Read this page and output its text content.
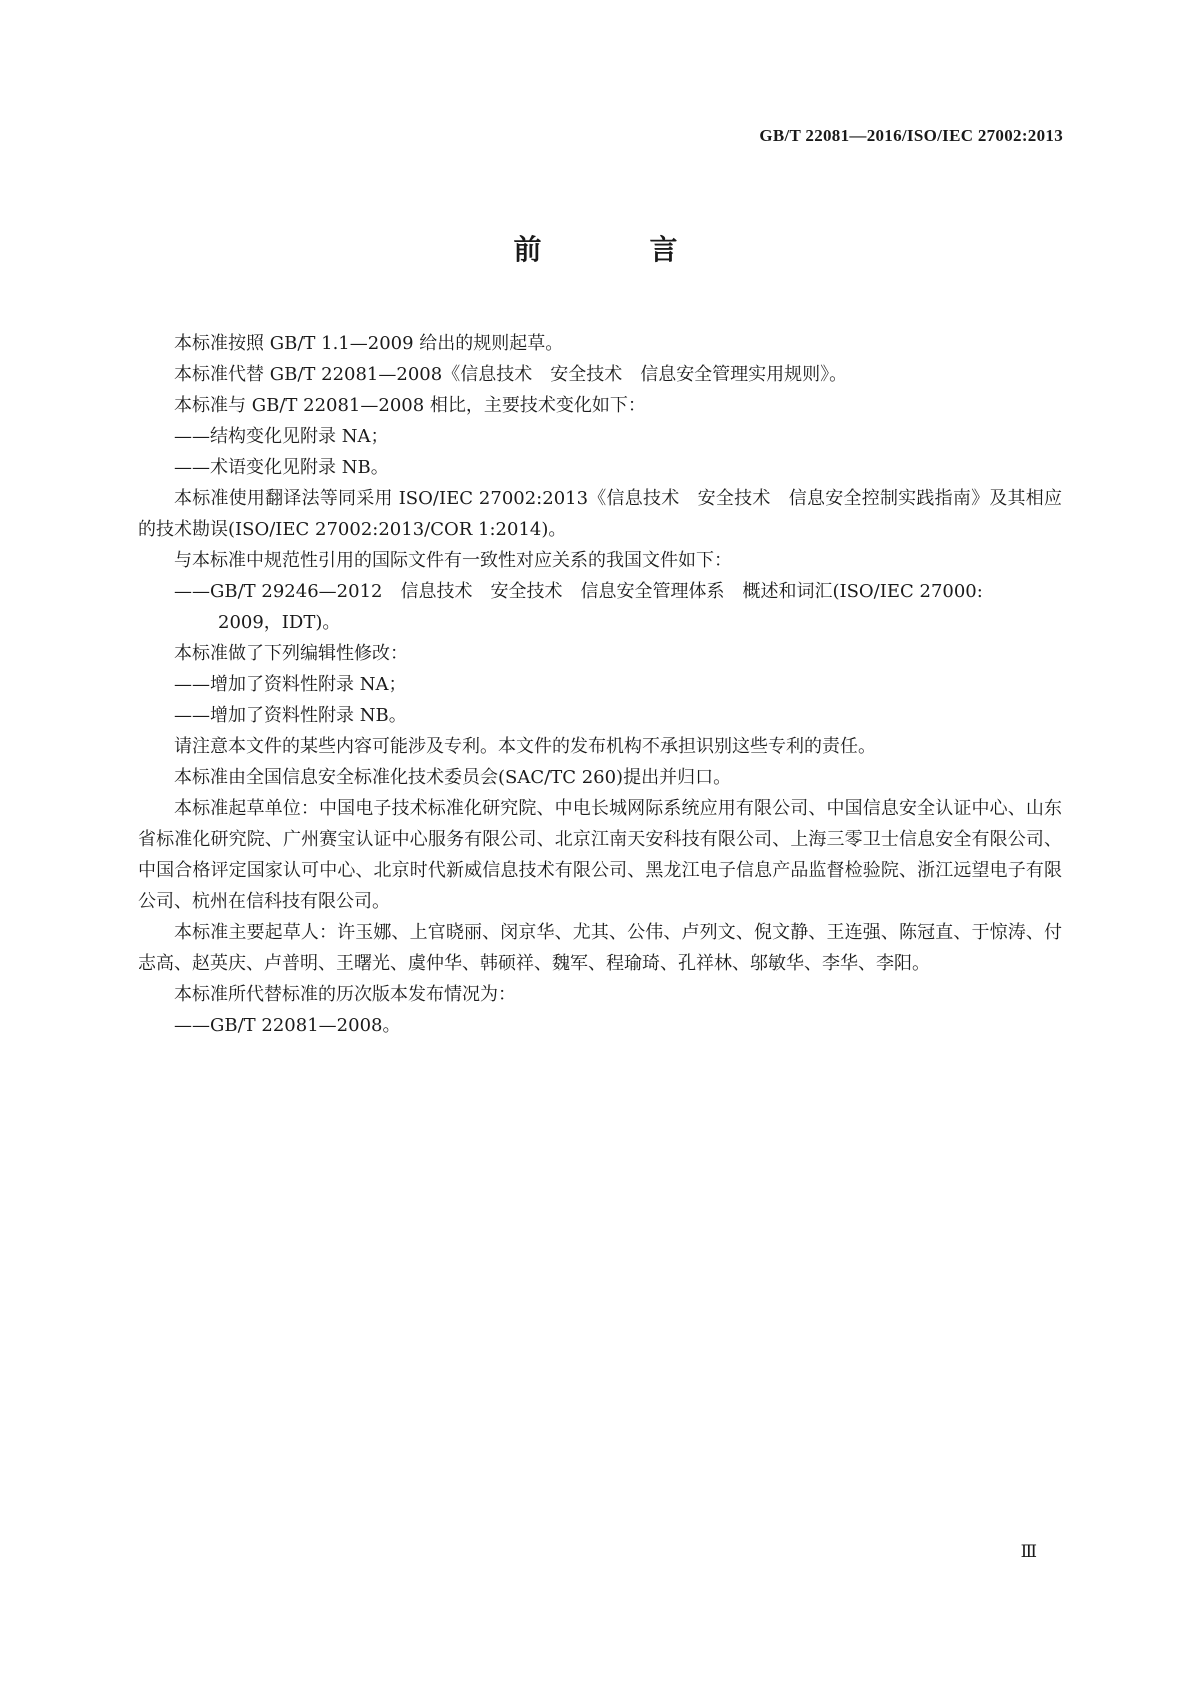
GB/T 22081—2016/ISO/IEC 27002:2013
前　言

本标准按照 GB/T 1.1—2009 给出的规则起草。

本标准代替 GB/T 22081—2008《信息技术　安全技术　信息安全管理实用规则》。

本标准与 GB/T 22081—2008 相比，主要技术变化如下：

——结构变化见附录 NA；

——术语变化见附录 NB。

本标准使用翻译法等同采用 ISO/IEC 27002:2013《信息技术　安全技术　信息安全控制实践指南》及其相应的技术勘误(ISO/IEC 27002:2013/COR 1:2014)。

与本标准中规范性引用的国际文件有一致性对应关系的我国文件如下：

——GB/T 29246—2012　信息技术　安全技术　信息安全管理体系　概述和词汇(ISO/IEC 27000:

2009，IDT)。

本标准做了下列编辑性修改：

——增加了资料性附录 NA；

——增加了资料性附录 NB。

请注意本文件的某些内容可能涉及专利。本文件的发布机构不承担识别这些专利的责任。

本标准由全国信息安全标准化技术委员会(SAC/TC 260)提出并归口。

本标准起草单位：中国电子技术标准化研究院、中电长城网际系统应用有限公司、中国信息安全认证中心、山东省标准化研究院、广州赛宝认证中心服务有限公司、北京江南天安科技有限公司、上海三零卫士信息安全有限公司、中国合格评定国家认可中心、北京时代新威信息技术有限公司、黑龙江电子信息产品监督检验院、浙江远望电子有限公司、杭州在信科技有限公司。

本标准主要起草人：许玉娜、上官晓丽、闵京华、尤其、公伟、卢列文、倪文静、王连强、陈冠直、于惊涛、付志高、赵英庆、卢普明、王曙光、虞仲华、韩硕祥、魏军、程瑜琦、孔祥林、邬敏华、李华、李阳。

本标准所代替标准的历次版本发布情况为：

——GB/T 22081—2008。

Ⅲ
